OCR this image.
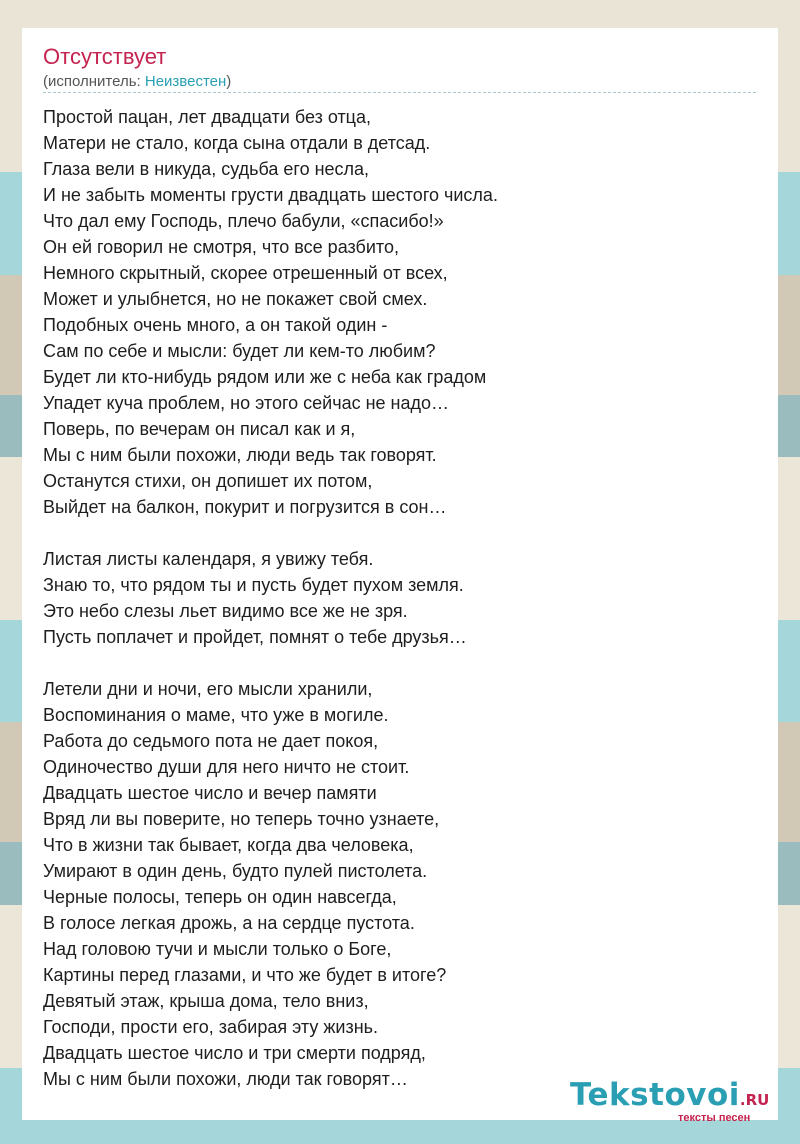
Отсутствует
(исполнитель: Неизвестен)
Простой пацан, лет двадцати без отца,
Матери не стало, когда сына отдали в детсад.
Глаза вели в никуда, судьба его несла,
И не забыть моменты грусти двадцать шестого числа.
Что дал ему Господь, плечо бабули, «спасибо!»
Он ей говорил не смотря, что все разбито,
Немного скрытный, скорее отрешенный от всех,
Может и улыбнется, но не покажет свой смех.
Подобных очень много, а он такой один -
Сам по себе и мысли: будет ли кем-то любим?
Будет ли кто-нибудь рядом или же с неба как градом
Упадет куча проблем, но этого сейчас не надо…
Поверь, по вечерам он писал как и я,
Мы с ним были похожи, люди ведь так говорят.
Останутся стихи, он допишет их потом,
Выйдет на балкон, покурит и погрузится в сон…
Листая листы календаря, я увижу тебя.
Знаю то, что рядом ты и пусть будет пухом земля.
Это небо слезы льет видимо все же не зря.
Пусть поплачет и пройдет, помнят о тебе друзья…
Летели дни и ночи, его мысли хранили,
Воспоминания о маме, что уже в могиле.
Работа до седьмого пота не дает покоя,
Одиночество души для него ничто не стоит.
Двадцать шестое число и вечер памяти
Вряд ли вы поверите, но теперь точно узнаете,
Что в жизни так бывает, когда два человека,
Умирают в один день, будто пулей пистолета.
Черные полосы, теперь он один навсегда,
В голосе легкая дрожь, а на сердце пустота.
Над головою тучи и мысли только о Боге,
Картины перед глазами, и что же будет в итоге?
Девятый этаж, крыша дома, тело вниз,
Господи, прости его, забирая эту жизнь.
Двадцать шестое число и три смерти подряд,
Мы с ним были похожи, люди так говорят…	Tekstovoi.RU
тексты песен
